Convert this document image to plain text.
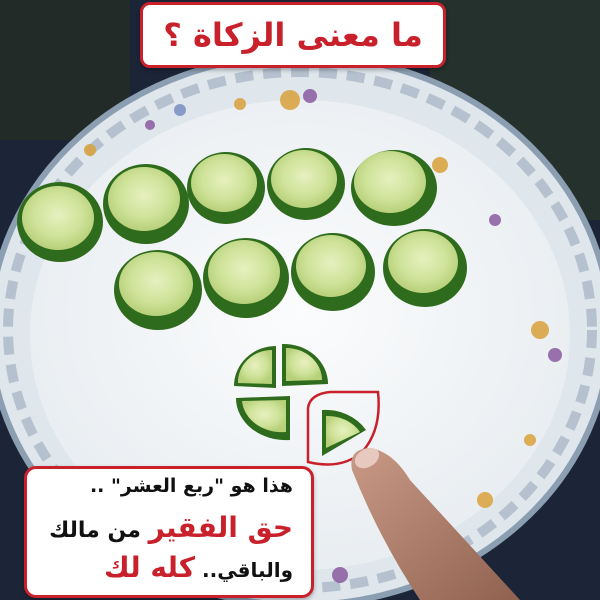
ما معنى الزكاة ؟
هذا هو "ربع العشر" ..
حق الفقير من مالك
والباقي.. كله لك
